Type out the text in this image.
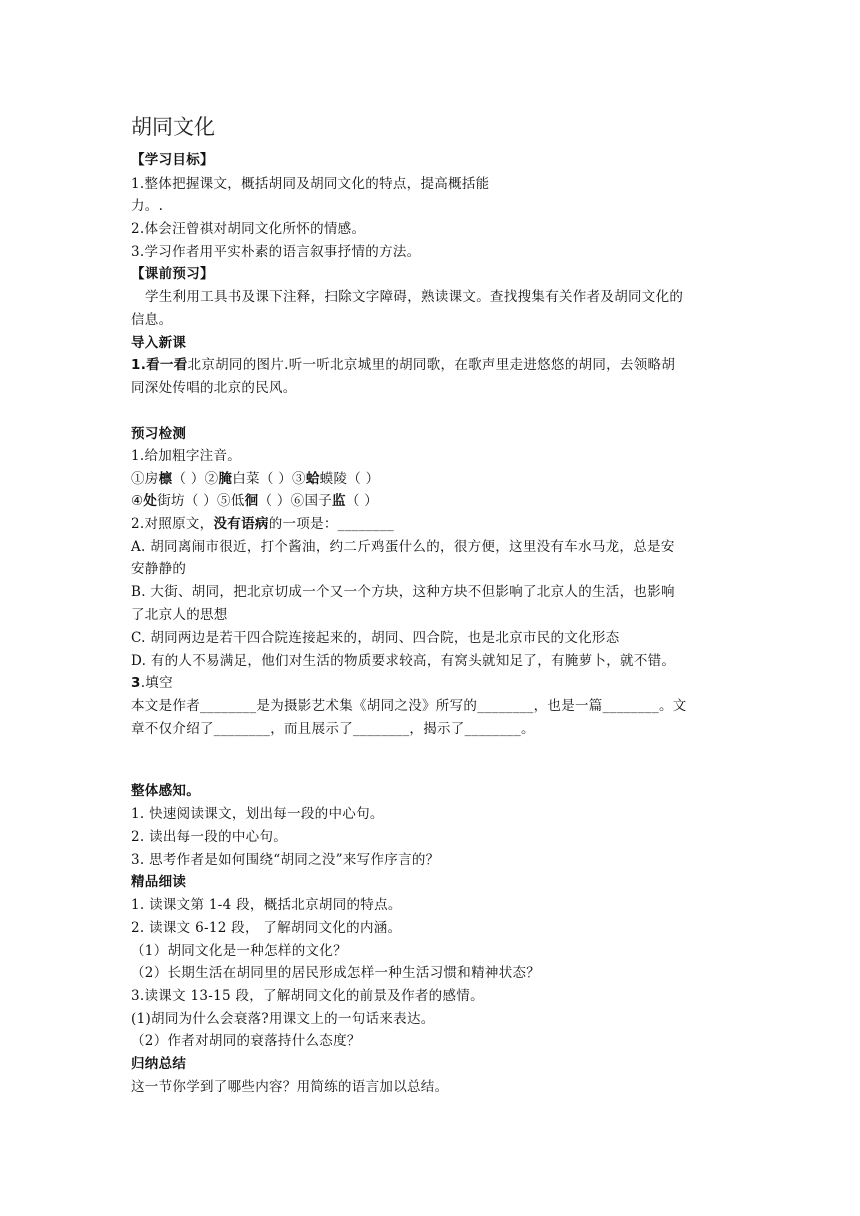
胡同文化
【学习目标】
1.整体把握课文，概括胡同及胡同文化的特点，提高概括能
力。.
2.体会汪曾祺对胡同文化所怀的情感。
3.学习作者用平实朴素的语言叙事抒情的方法。
【课前预习】
学生利用工具书及课下注释，扫除文字障碍，熟读课文。查找搜集有关作者及胡同文化的
信息。
导入新课
1.看一看北京胡同的图片.听一听北京城里的胡同歌，在歌声里走进悠悠的胡同，去领略胡
同深处传唱的北京的民风。
预习检测
1.给加粗字注音。
①房檩（ ）②腌白菜（ ）③蛤蟆陵（ ）
④处街坊（ ）⑤低徊（ ）⑥国子监（ ）
2.对照原文，没有语病的一项是：________
A. 胡同离闹市很近，打个酱油，约二斤鸡蛋什么的，很方便，这里没有车水马龙，总是安
安静静的
B. 大街、胡同，把北京切成一个又一个方块，这种方块不但影响了北京人的生活，也影响
了北京人的思想
C. 胡同两边是若干四合院连接起来的，胡同、四合院，也是北京市民的文化形态
D. 有的人不易满足，他们对生活的物质要求较高，有窝头就知足了，有腌萝卜，就不错。
3.填空
本文是作者________是为摄影艺术集《胡同之没》所写的________，也是一篇________。文
章不仅介绍了________，而且展示了________，揭示了________。
整体感知。
1. 快速阅读课文，划出每一段的中心句。
2. 读出每一段的中心句。
3. 思考作者是如何围绕“胡同之没”来写作序言的？
精品细读
1. 读课文第 1-4 段，概括北京胡同的特点。
2. 读课文 6-12 段， 了解胡同文化的内涵。
（1）胡同文化是一种怎样的文化？
（2）长期生活在胡同里的居民形成怎样一种生活习惯和精神状态？
3.读课文 13-15 段，了解胡同文化的前景及作者的感情。
(1)胡同为什么会衰落?用课文上的一句话来表达。
（2）作者对胡同的衰落持什么态度？
归纳总结
这一节你学到了哪些内容？用简练的语言加以总结。
